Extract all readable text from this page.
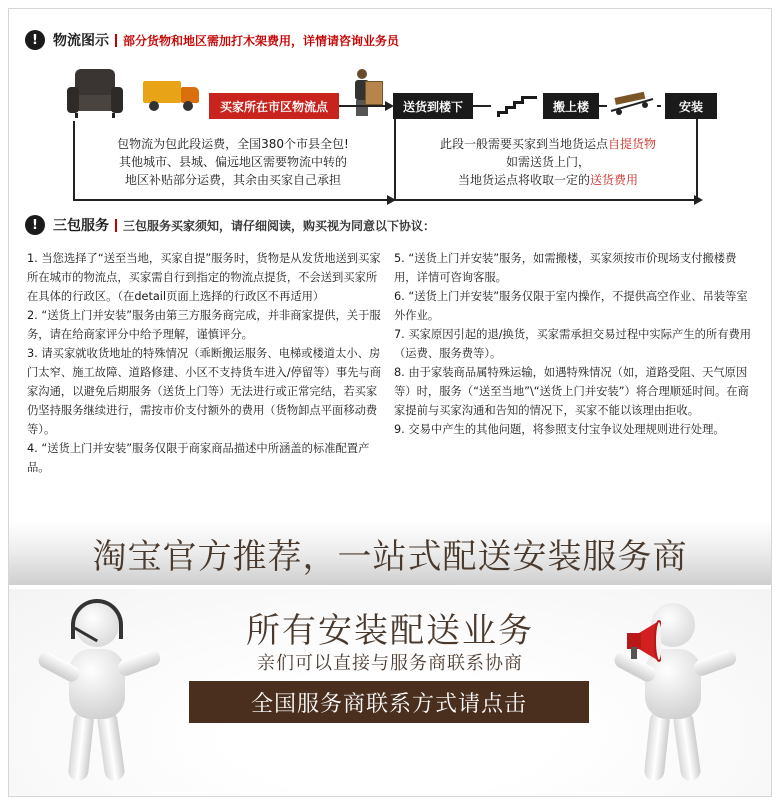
!	物流图示 部分货物和地区需加打木架费用，详情请咨询业务员
买家所在市区物流点	送货到楼下	搬上楼	安装
包物流为包此段运费，全国380个市县全包!
其他城市、县城、偏远地区需要物流中转的
地区补贴部分运费，其余由买家自己承担
此段一般需要买家到当地货运点自提货物
如需送货上门，
当地货运点将收取一定的送货费用
!	三包服务 三包服务买家须知，请仔细阅读，购买视为同意以下协议：

1. 当您选择了“送至当地，买家自提”服务时，货物是从发货地送到买家所在城市的物流点，买家需自行到指定的物流点提货，不会送到买家所在具体的行政区。（在detail页面上选择的行政区不再适用）

2. “送货上门并安装”服务由第三方服务商完成，并非商家提供，关于服务，请在给商家评分中给予理解，谨慎评分。

3. 请买家就收货地址的特殊情况（乖断搬运服务、电梯或楼道太小、房门太窄、施工故障、道路修建、小区不支持货车进入/停留等）事先与商家沟通，以避免后期服务（送货上门等）无法进行或正常完结，若买家仍坚持服务继续进行，需按市价支付额外的费用（货物卸点平面移动费等）。

4. “送货上门并安装”服务仅限于商家商品描述中所涵盖的标准配置产品。

5. “送货上门并安装”服务，如需搬楼，买家须按市价现场支付搬楼费用，详情可咨询客服。

6. “送货上门并安装”服务仅限于室内操作，不提供高空作业、吊装等室外作业。

7. 买家原因引起的退/换货，买家需承担交易过程中实际产生的所有费用（运费、服务费等）。

8. 由于家装商品属特殊运输，如遇特殊情况（如，道路受阻、天气原因等）时，服务（“送至当地”\“送货上门并安装”）将合理顺延时间。在商家提前与买家沟通和告知的情况下，买家不能以该理由拒收。

9. 交易中产生的其他问题，将参照支付宝争议处理规则进行处理。

淘宝官方推荐，一站式配送安装服务商
所有安装配送业务
亲们可以直接与服务商联系协商
全国服务商联系方式请点击
